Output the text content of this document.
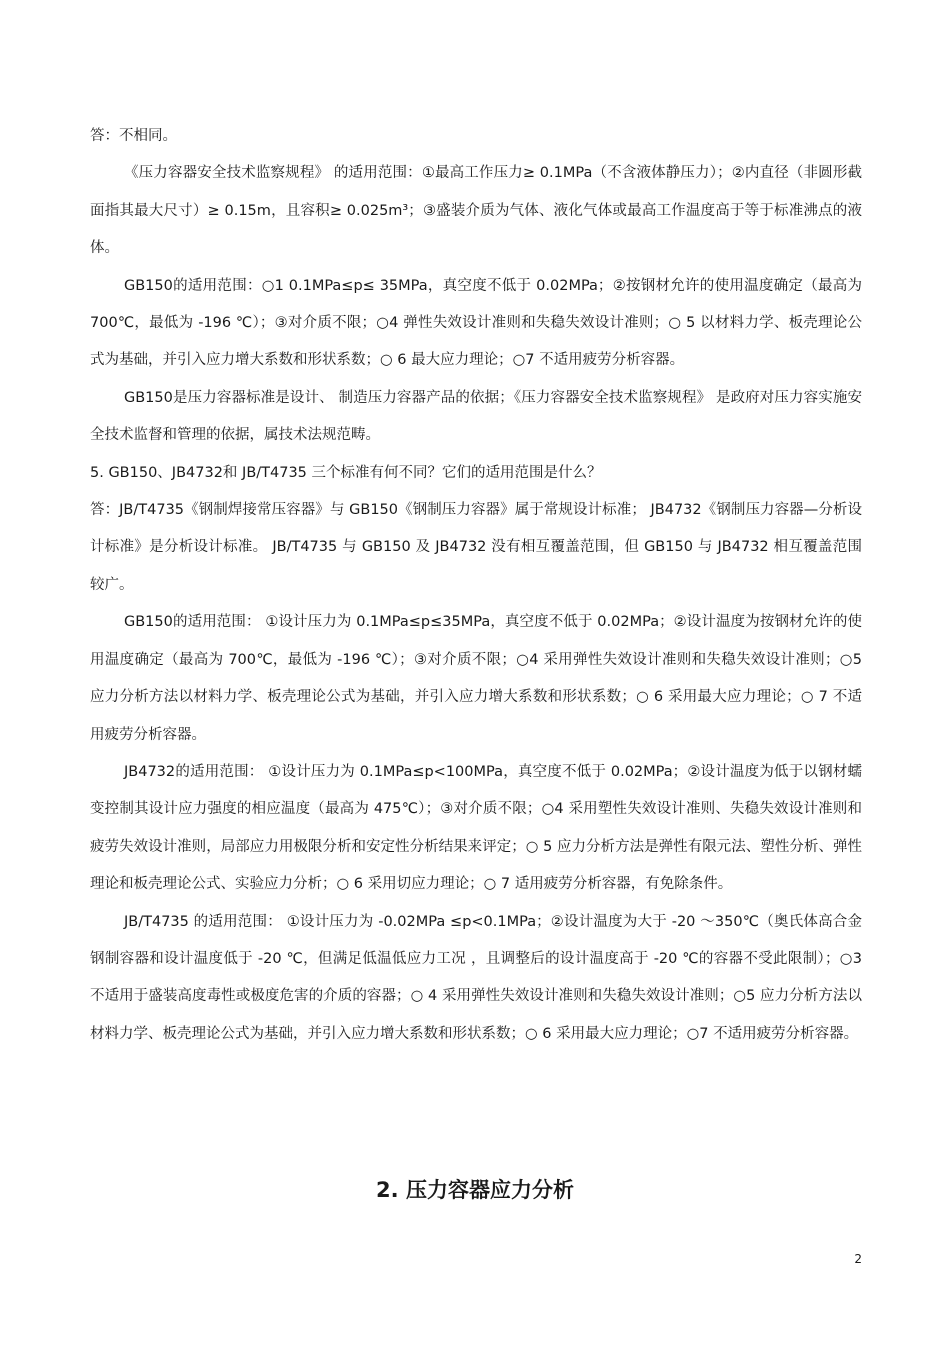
答：不相同。

《压力容器安全技术监察规程》 的适用范围：①最高工作压力≥ 0.1MPa（不含液体静压力）；②内直径（非圆形截面指其最大尺寸）≥ 0.15m，且容积≥ 0.025m³；③盛装介质为气体、液化气体或最高工作温度高于等于标准沸点的液体。

GB150的适用范围：○1 0.1MPa≤p≤ 35MPa，真空度不低于 0.02MPa；②按钢材允许的使用温度确定（最高为 700℃，最低为 -196 ℃）；③对介质不限；○4 弹性失效设计准则和失稳失效设计准则；○ 5 以材料力学、板壳理论公式为基础，并引入应力增大系数和形状系数；○ 6 最大应力理论；○7 不适用疲劳分析容器。

GB150是压力容器标准是设计、 制造压力容器产品的依据；《压力容器安全技术监察规程》 是政府对压力容实施安全技术监督和管理的依据，属技术法规范畴。

5. GB150、JB4732和 JB/T4735 三个标准有何不同？它们的适用范围是什么？

答：JB/T4735《钢制焊接常压容器》与 GB150《钢制压力容器》属于常规设计标准； JB4732《钢制压力容器—分析设计标准》是分析设计标准。 JB/T4735 与 GB150 及 JB4732 没有相互覆盖范围，但 GB150 与 JB4732 相互覆盖范围较广。

GB150的适用范围： ①设计压力为 0.1MPa≤p≤35MPa，真空度不低于 0.02MPa；②设计温度为按钢材允许的使用温度确定（最高为 700℃，最低为 -196 ℃）；③对介质不限；○4 采用弹性失效设计准则和失稳失效设计准则；○5 应力分析方法以材料力学、板壳理论公式为基础，并引入应力增大系数和形状系数；○ 6 采用最大应力理论；○ 7 不适用疲劳分析容器。

JB4732的适用范围： ①设计压力为 0.1MPa≤p<100MPa，真空度不低于 0.02MPa；②设计温度为低于以钢材蠕变控制其设计应力强度的相应温度（最高为 475℃）；③对介质不限；○4 采用塑性失效设计准则、失稳失效设计准则和疲劳失效设计准则，局部应力用极限分析和安定性分析结果来评定；○ 5 应力分析方法是弹性有限元法、塑性分析、弹性理论和板壳理论公式、实验应力分析；○ 6 采用切应力理论；○ 7 适用疲劳分析容器，有免除条件。

JB/T4735 的适用范围： ①设计压力为 -0.02MPa ≤p<0.1MPa；②设计温度为大于 -20 ～350℃（奥氏体高合金钢制容器和设计温度低于 -20 ℃，但满足低温低应力工况 ，且调整后的设计温度高于 -20 ℃的容器不受此限制）；○3 不适用于盛装高度毒性或极度危害的介质的容器；○ 4 采用弹性失效设计准则和失稳失效设计准则；○5 应力分析方法以材料力学、板壳理论公式为基础，并引入应力增大系数和形状系数；○ 6 采用最大应力理论；○7 不适用疲劳分析容器。

2. 压力容器应力分析
2
